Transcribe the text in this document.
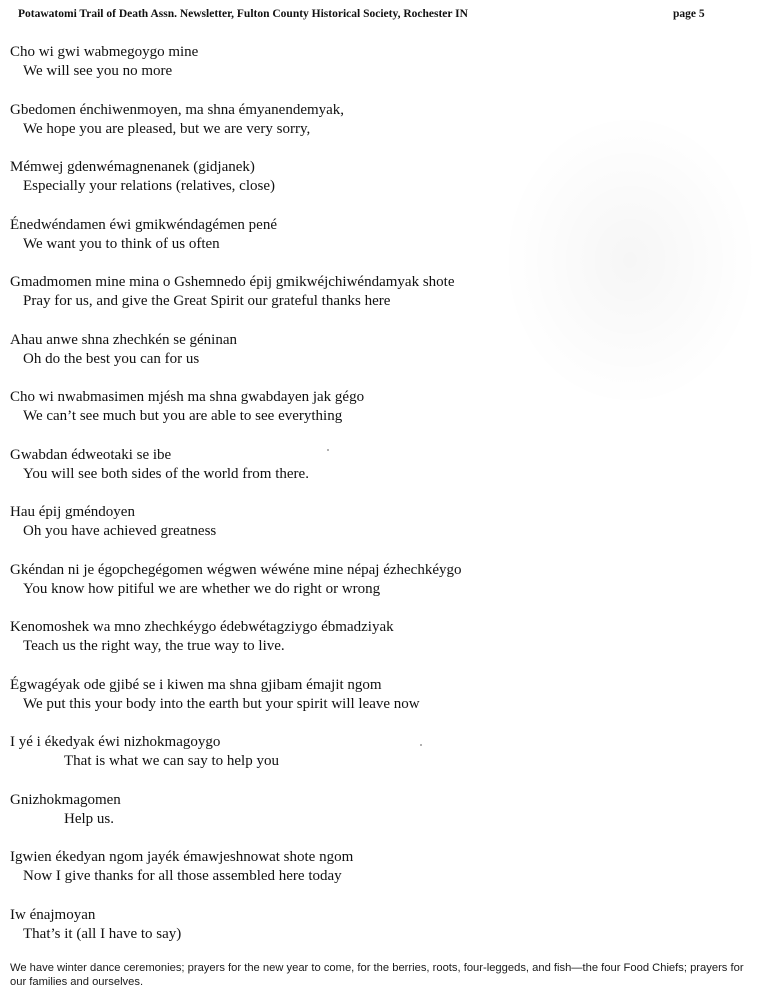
Potawatomi Trail of Death Assn. Newsletter, Fulton County Historical Society, Rochester IN	page 5
Cho wi gwi wabmegoygo mine
We will see you no more
Gbedomen énchiwenmoyen, ma shna émyanendemyak,
We hope you are pleased, but we are very sorry,
Mémwej gdenwémagnenanek (gidjanek)
Especially your relations (relatives, close)
Énedwéndamen éwi gmikwéndagémen pené
We want you to think of us often
Gmadmomen mine mina o Gshemnedo épij gmikwéjchiwéndamyak shote
Pray for us, and give the Great Spirit our grateful thanks here
Ahau anwe shna zhechkén se géninan
Oh do the best you can for us
Cho wi nwabmasimen mjésh ma shna gwabdayen jak gégo
We can’t see much but you are able to see everything
Gwabdan édweotaki se ibe
You will see both sides of the world from there.
Hau épij gméndoyen
Oh you have achieved greatness
Gkéndan ni je égopchegégomen wégwen wéwéne mine népaj ézhechkéygo
You know how pitiful we are whether we do right or wrong
Kenomoshek wa mno zhechkéygo édebwétagziygo ébmadziyak
Teach us the right way, the true way to live.
Égwagéyak ode gjibé se i kiwen ma shna gjibam émajit ngom
We put this your body into the earth but your spirit will leave now
I yé i ékedyak éwi nizhokmagoygo
That is what we can say to help you
Gnizhokmagomen
Help us.
Igwien ékedyan ngom jayék émawjeshnowat shote ngom
Now I give thanks for all those assembled here today
Iw énajmoyan
That’s it (all I have to say)
We have winter dance ceremonies; prayers for the new year to come, for the berries, roots, four-leggeds, and fish—the four Food Chiefs; prayers for our families and ourselves.
